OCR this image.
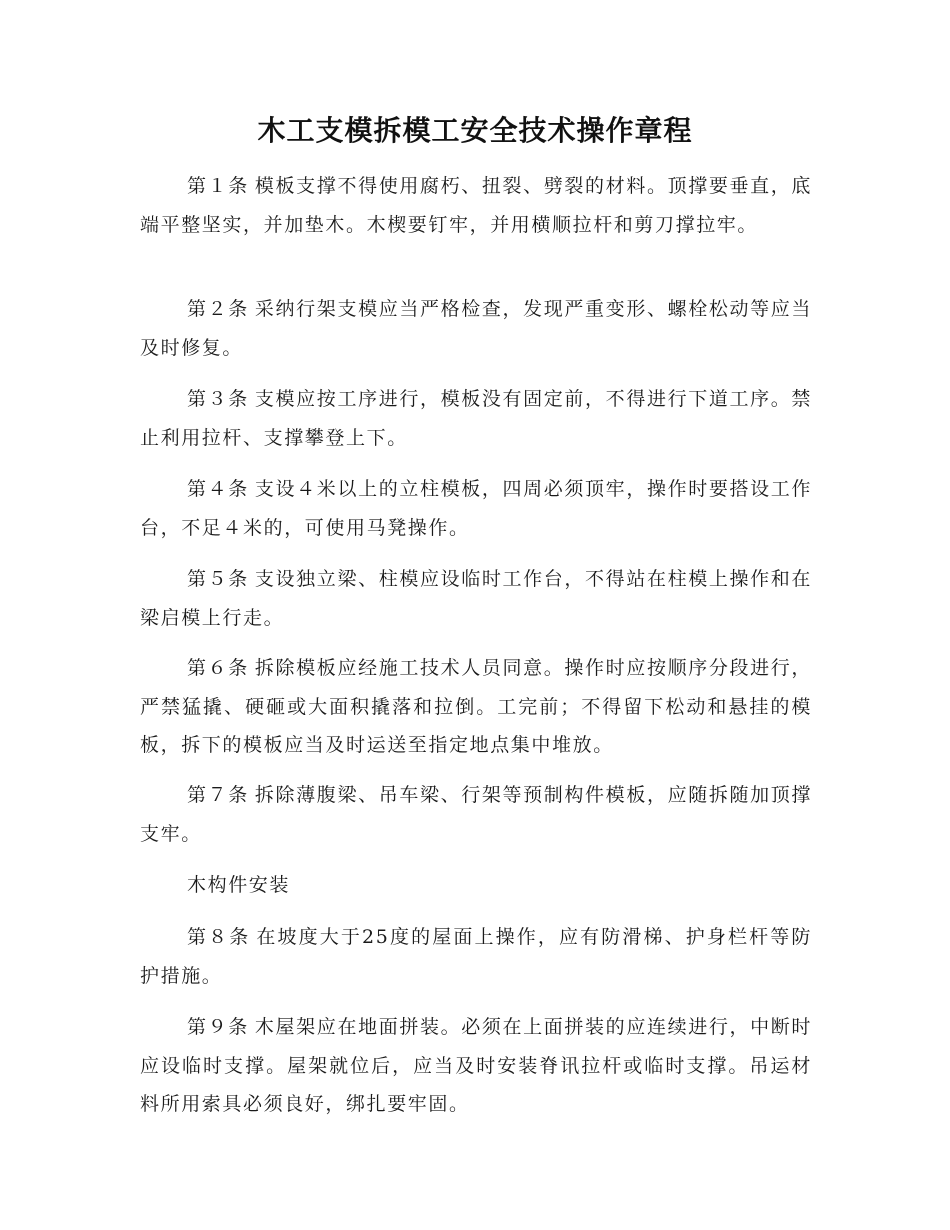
木工支模拆模工安全技术操作章程

第１条 模板支撑不得使用腐朽、扭裂、劈裂的材料。顶撑要垂直，底端平整坚实，并加垫木。木楔要钉牢，并用横顺拉杆和剪刀撑拉牢。

第２条 采纳行架支模应当严格检查，发现严重变形、螺栓松动等应当及时修复。

第３条 支模应按工序进行，模板没有固定前，不得进行下道工序。禁止利用拉杆、支撑攀登上下。

第４条 支设４米以上的立柱模板，四周必须顶牢，操作时要搭设工作台，不足４米的，可使用马凳操作。

第５条 支设独立梁、柱模应设临时工作台，不得站在柱模上操作和在梁启模上行走。

第６条 拆除模板应经施工技术人员同意。操作时应按顺序分段进行，严禁猛撬、硬砸或大面积撬落和拉倒。工完前；不得留下松动和悬挂的模板，拆下的模板应当及时运送至指定地点集中堆放。

第７条 拆除薄腹梁、吊车梁、行架等预制构件模板，应随拆随加顶撑支牢。

木构件安装

第８条 在坡度大于25度的屋面上操作，应有防滑梯、护身栏杆等防护措施。

第９条 木屋架应在地面拼装。必须在上面拼装的应连续进行，中断时应设临时支撑。屋架就位后，应当及时安装脊讯拉杆或临时支撑。吊运材料所用索具必须良好，绑扎要牢固。
